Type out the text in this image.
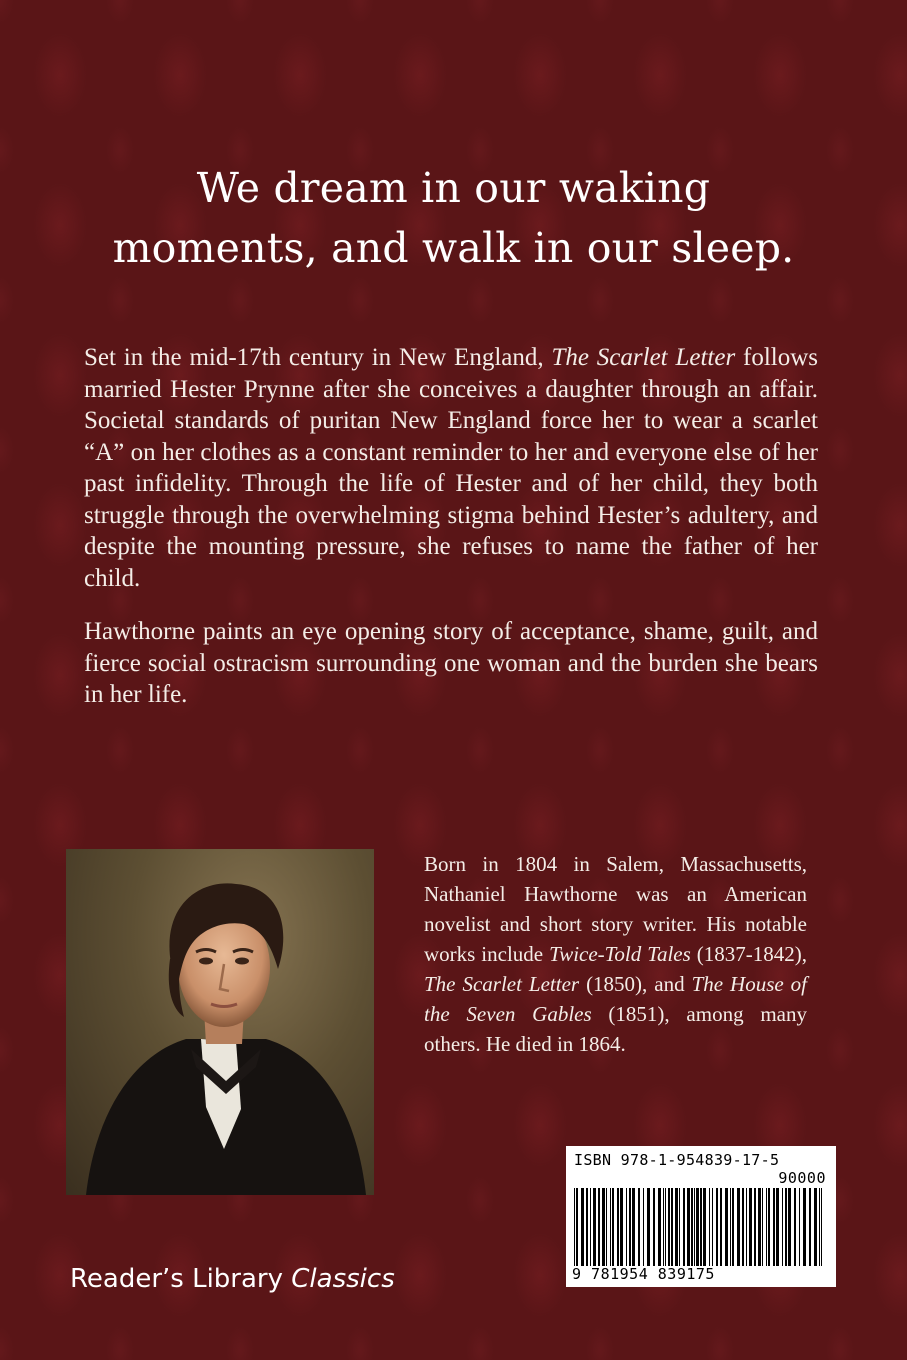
We dream in our waking
moments, and walk in our sleep.

Set in the mid-17th century in New England, The Scarlet Letter follows married Hester Prynne after she conceives a daughter through an affair. Societal standards of puritan New England force her to wear a scarlet “A” on her clothes as a constant reminder to her and everyone else of her past infidelity. Through the life of Hester and of her child, they both struggle through the overwhelming stigma behind Hester’s adultery, and despite the mounting pressure, she refuses to name the father of her child.

Hawthorne paints an eye opening story of acceptance, shame, guilt, and fierce social ostracism surrounding one woman and the burden she bears in her life.

Born in 1804 in Salem, Massachusetts, Nathaniel Hawthorne was an American novelist and short story writer. His notable works include Twice-Told Tales (1837-1842), The Scarlet Letter (1850), and The House of the Seven Gables (1851), among many others. He died in 1864.
ISBN 978-1-954839-17-5
90000
9 781954 839175
Reader’s Library Classics
